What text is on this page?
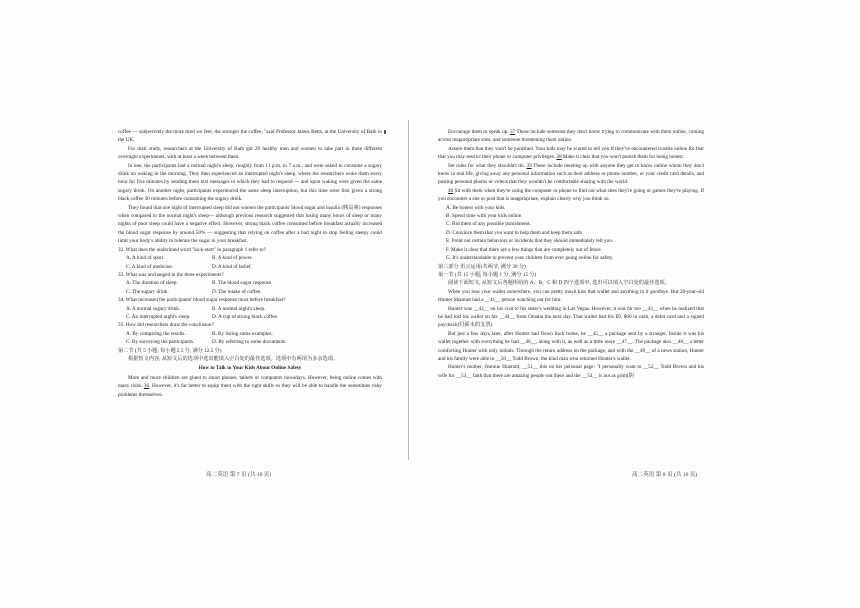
coffee — subjectively the more tired we feel, the stronger the coffee, "said Professor James Betts, at the University of Bath in the UK.

For their study, researchers at the University of Bath got 29 healthy men and women to take part in three different overnight experiments, with at least a week between them.

In one, the participants had a normal night's sleep, roughly from 11 p.m. to 7 a.m., and were asked to consume a sugary drink on waking in the morning. They then experienced an interrupted night's sleep, where the researchers woke them every hour for five minutes by sending them text messages to which they had to respond — and upon waking were given the same sugary drink. On another night, participants experienced the same sleep interruption, but this time were first given a strong black coffee 30 minutes before consuming the sugary drink.

They found that one night of interrupted sleep did not worsen the participants' blood sugar and insulin (胰岛素) responses when compared to the normal night's sleep— although previous research suggested that losing many hours of sleep or many nights of poor sleep could have a negative effect. However, strong black coffee consumed before breakfast actually increased the blood sugar response by around 50% — suggesting that relying on coffee after a bad night to stop feeling sleepy could limit your body's ability to tolerate the sugar in your breakfast.

32. What does the underlined word "kick-start" in paragraph 1 refer to?

A. A kind of sport.	B. A kind of power.
C. A kind of medicine.	D. A kind of belief.

33. What was unchanged in the three experiments?

A. The duration of sleep.	B. The blood sugar response.
C. The sugary drink.	D. The intake of coffee.

34. What increased the participants' blood sugar response most before breakfast?

A. A normal sugary drink.	B. A normal night's sleep.
C. An interrupted night's sleep.	D. A cup of strong black coffee.

35. How did researchers draw the conclusion?

A. By comparing the results.	B. By listing some examples.
C. By surveying the participants.	D. By referring to some documents.

第二节 (共 5 小题; 每小题 2.5 分, 满分 12.5 分)

根据短文内容, 从短文后的选项中选出能填入空白处的最佳选项。选项中有两项为多余选项。

How to Talk to Your Kids About Online Safety

More and more children are glued to smart phones, tablets or computers nowadays. However, being online comes with many risks. 36. However, it's far better to equip them with the right skills so they will be able to handle the sometimes risky problems themselves.

高二英语 第 7 页 (共 10 页)

Encourage them to speak up. 37 These include someone they don't know trying to communicate with them online, coming across inappropriate sites, and someone threatening them online.

Assure them that they won't be punished. Your kids may be scared to tell you if they've encountered trouble online for fear that you may restrict their phone or computer privileges. 38 Make it clear that you won't punish them for being honest.

Set rules for what they shouldn't do. 39 These include meeting up with anyone they get to know online whom they don't know in real life, giving away any personal information such as their address or phone number, or your credit card details, and posting personal photos or videos that they wouldn't be comfortable sharing with the world.

40 Sit with them when they're using the computer or phone to find out what sites they're going or games they're playing. If you encounter a site or post that is inappropriate, explain clearly why you think so.

A. Be honest with your kids.

B. Spend time with your kids online.

C. Rid them of any possible punishment.

D. Convince them that you want to help them and keep them safe.

E. Point out certain behaviors or incidents that they should immediately tell you.

F. Make it clear that there are a few things that are completely out of fence.

G. It's understandable to prevent your children from ever going online for safety.

第三部分 语言运用(共两节, 满分 30 分)

第一节 (共 15 小题; 每小题 1 分, 满分 15 分)

阅读下面短文, 从短文后各题所给的 A、B、C 和 D 四个选项中, 选出可以填入空白处的最佳选项。

When you lose your wallet somewhere, you can pretty much kiss that wallet and anything in it goodbye. But 20-year-old Hunter Shamutt had a __41__ person watching out for him.

Hunter was __42__ on his visit to his sister's wedding in Las Vegas. However, it was far too __43__ when he realized that he had lost his wallet on his __44__ from Omaha the next day. That wallet had his ID, $60 in cash, a debit card and a signed paycheck(付薪水的支票).

But just a few days later, after Hunter had flown back home, he __45__ a package sent by a stranger. Inside it was his wallet together with everything he had __46__, along with it, as well as a little more __47__. The package also __48__ a letter comforting Hunter with only initials. Through the return address on the package, and with the __49__ of a news station, Hunter and his family were able to __50__ Todd Brown, the kind man who returned Hunter's wallet.

Hunter's mother, Jeannie Shamutt, __51__ this on her personal page: "I personally want to __52__ Todd Brown and his wife for __53__ faith that there are amazing people out there and the __54__ is not as grim(阴

高二英语 第 8 页 (共 10 页)
